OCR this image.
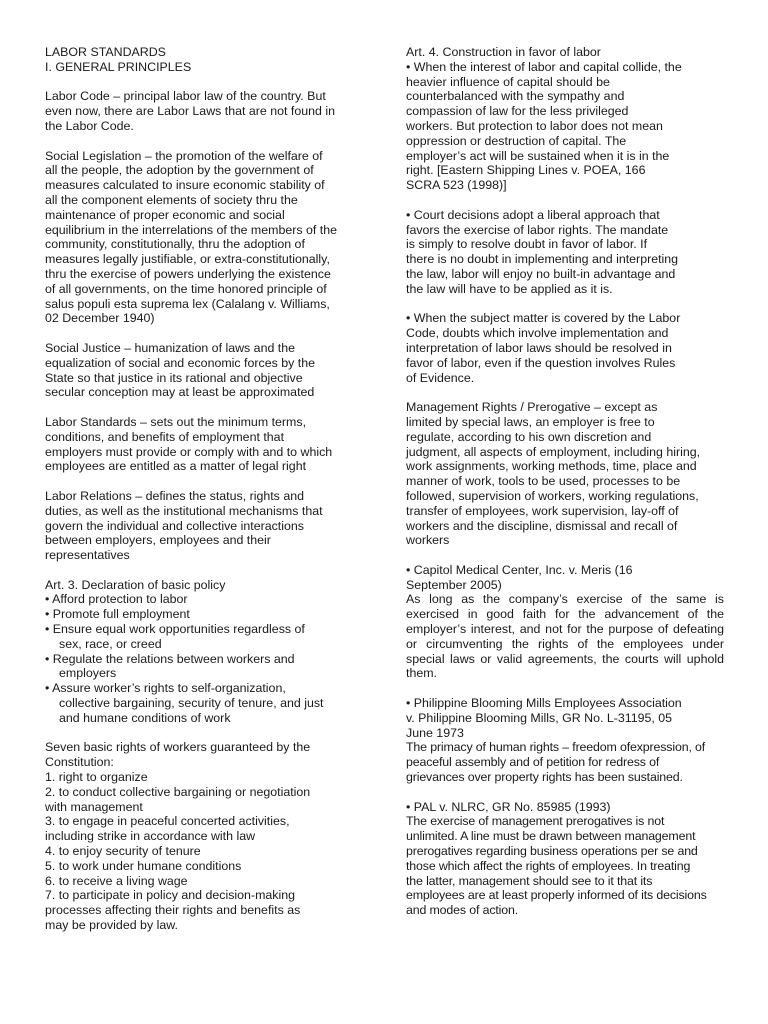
LABOR STANDARDS
I. GENERAL PRINCIPLES

Labor Code – principal labor law of the country. But
even now, there are Labor Laws that are not found in
the Labor Code.

Social Legislation – the promotion of the welfare of
all the people, the adoption by the government of
measures calculated to insure economic stability of
all the component elements of society thru the
maintenance of proper economic and social
equilibrium in the interrelations of the members of the
community, constitutionally, thru the adoption of
measures legally justifiable, or extra-constitutionally,
thru the exercise of powers underlying the existence
of all governments, on the time honored principle of
salus populi esta suprema lex (Calalang v. Williams,
02 December 1940)

Social Justice – humanization of laws and the
equalization of social and economic forces by the
State so that justice in its rational and objective
secular conception may at least be approximated

Labor Standards – sets out the minimum terms,
conditions, and benefits of employment that
employers must provide or comply with and to which
employees are entitled as a matter of legal right

Labor Relations – defines the status, rights and
duties, as well as the institutional mechanisms that
govern the individual and collective interactions
between employers, employees and their
representatives

Art. 3. Declaration of basic policy
• Afford protection to labor
• Promote full employment
• Ensure equal work opportunities regardless of
sex, race, or creed
• Regulate the relations between workers and
employers
• Assure worker’s rights to self-organization,
collective bargaining, security of tenure, and just
and humane conditions of work
Seven basic rights of workers guaranteed by the
Constitution:
1. right to organize
2. to conduct collective bargaining or negotiation
with management
3. to engage in peaceful concerted activities,
including strike in accordance with law
4. to enjoy security of tenure
5. to work under humane conditions
6. to receive a living wage
7. to participate in policy and decision-making
processes affecting their rights and benefits as
may be provided by law.
Art. 4. Construction in favor of labor

• When the interest of labor and capital collide, the
heavier influence of capital should be
counterbalanced with the sympathy and
compassion of law for the less privileged
workers. But protection to labor does not mean
oppression or destruction of capital. The
employer’s act will be sustained when it is in the
right. [Eastern Shipping Lines v. POEA, 166
SCRA 523 (1998)]

• Court decisions adopt a liberal approach that
favors the exercise of labor rights. The mandate
is simply to resolve doubt in favor of labor. If
there is no doubt in implementing and interpreting
the law, labor will enjoy no built-in advantage and
the law will have to be applied as it is.

• When the subject matter is covered by the Labor
Code, doubts which involve implementation and
interpretation of labor laws should be resolved in
favor of labor, even if the question involves Rules
of Evidence.

Management Rights / Prerogative – except as
limited by special laws, an employer is free to
regulate, according to his own discretion and
judgment, all aspects of employment, including hiring,
work assignments, working methods, time, place and
manner of work, tools to be used, processes to be
followed, supervision of workers, working regulations,
transfer of employees, work supervision, lay-off of
workers and the discipline, dismissal and recall of
workers

• Capitol Medical Center, Inc. v. Meris (16
September 2005)

As long as the company’s exercise of the same is exercised in good faith for the advancement of the employer’s interest, and not for the purpose of defeating or circumventing the rights of the employees under special laws or valid agreements, the courts will uphold them.

• Philippine Blooming Mills Employees Association
v. Philippine Blooming Mills, GR No. L-31195, 05
June 1973

The primacy of human rights – freedom ofexpression, of
peaceful assembly and of petition for redress of
grievances over property rights has been sustained.

• PAL v. NLRC, GR No. 85985 (1993)

The exercise of management prerogatives is not
unlimited. A line must be drawn between management
prerogatives regarding business operations per se and
those which affect the rights of employees. In treating
the latter, management should see to it that its
employees are at least properly informed of its decisions
and modes of action.
